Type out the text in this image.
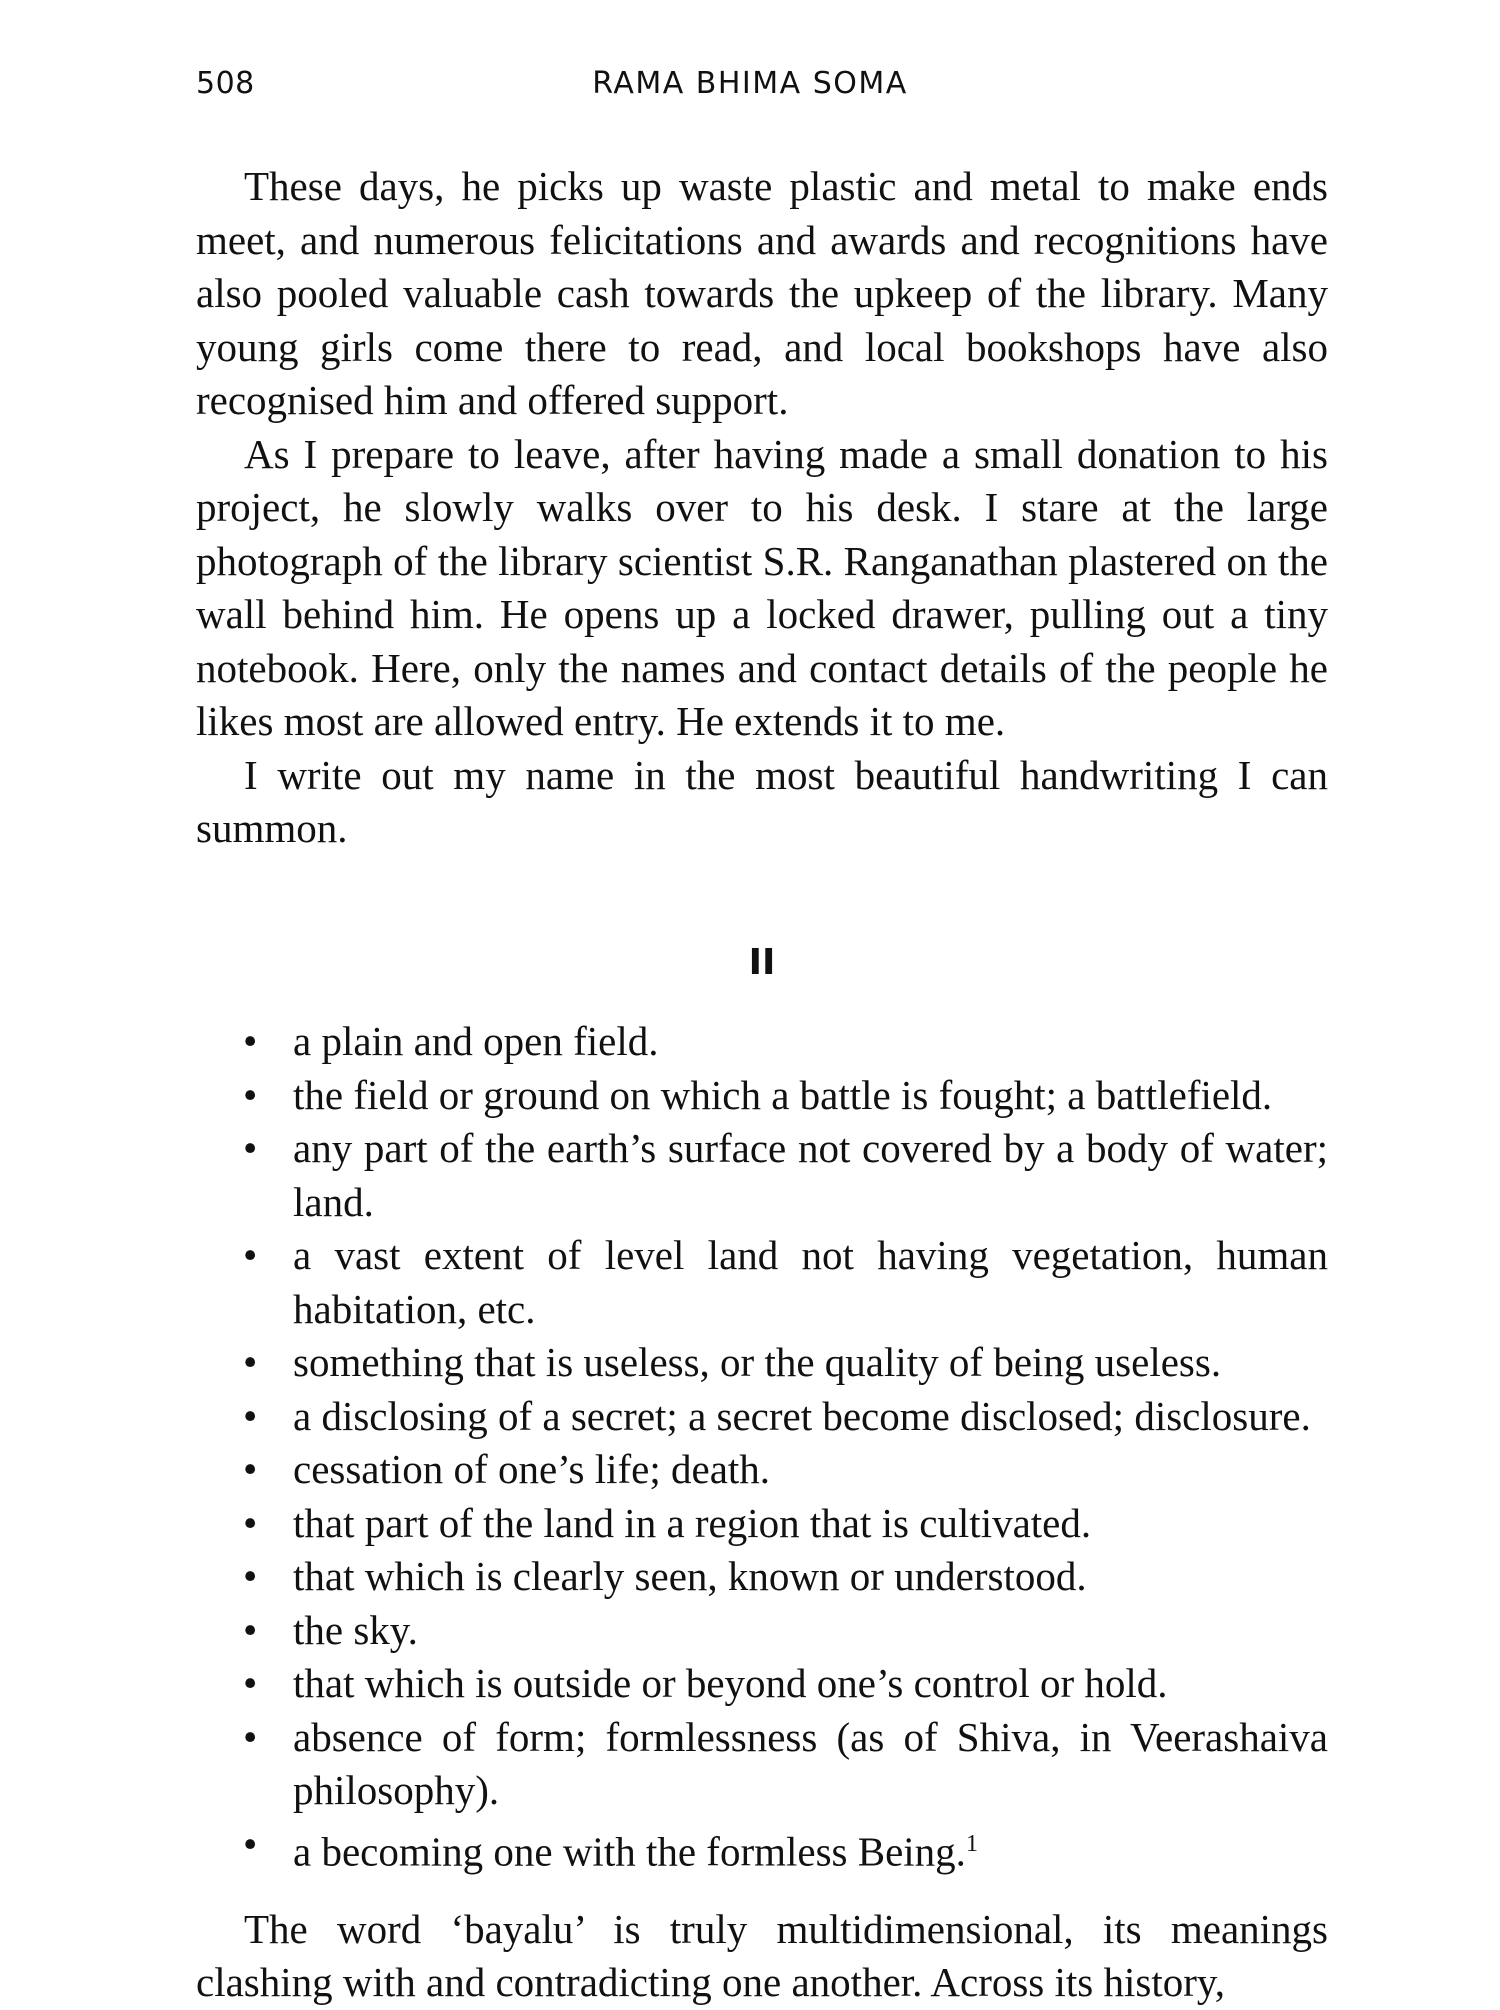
508	RAMA BHIMA SOMA

These days, he picks up waste plastic and metal to make ends meet, and numerous felicitations and awards and recognitions have also pooled valuable cash towards the upkeep of the library. Many young girls come there to read, and local bookshops have also recognised him and offered support.

As I prepare to leave, after having made a small donation to his project, he slowly walks over to his desk. I stare at the large photograph of the library scientist S.R. Ranganathan plastered on the wall behind him. He opens up a locked drawer, pulling out a tiny notebook. Here, only the names and contact details of the people he likes most are allowed entry. He extends it to me.

I write out my name in the most beautiful handwriting I can summon.

II
• a plain and open field.
• the field or ground on which a battle is fought; a battlefield.
• any part of the earth’s surface not covered by a body of water; land.
• a vast extent of level land not having vegetation, human habitation, etc.
• something that is useless, or the quality of being useless.
• a disclosing of a secret; a secret become disclosed; disclosure.
• cessation of one’s life; death.
• that part of the land in a region that is cultivated.
• that which is clearly seen, known or understood.
• the sky.
• that which is outside or beyond one’s control or hold.
• absence of form; formlessness (as of Shiva, in Veerashaiva philosophy).
• a becoming one with the formless Being.$^1$

The word ‘bayalu’ is truly multidimensional, its meanings clashing with and contradicting one another. Across its history,
